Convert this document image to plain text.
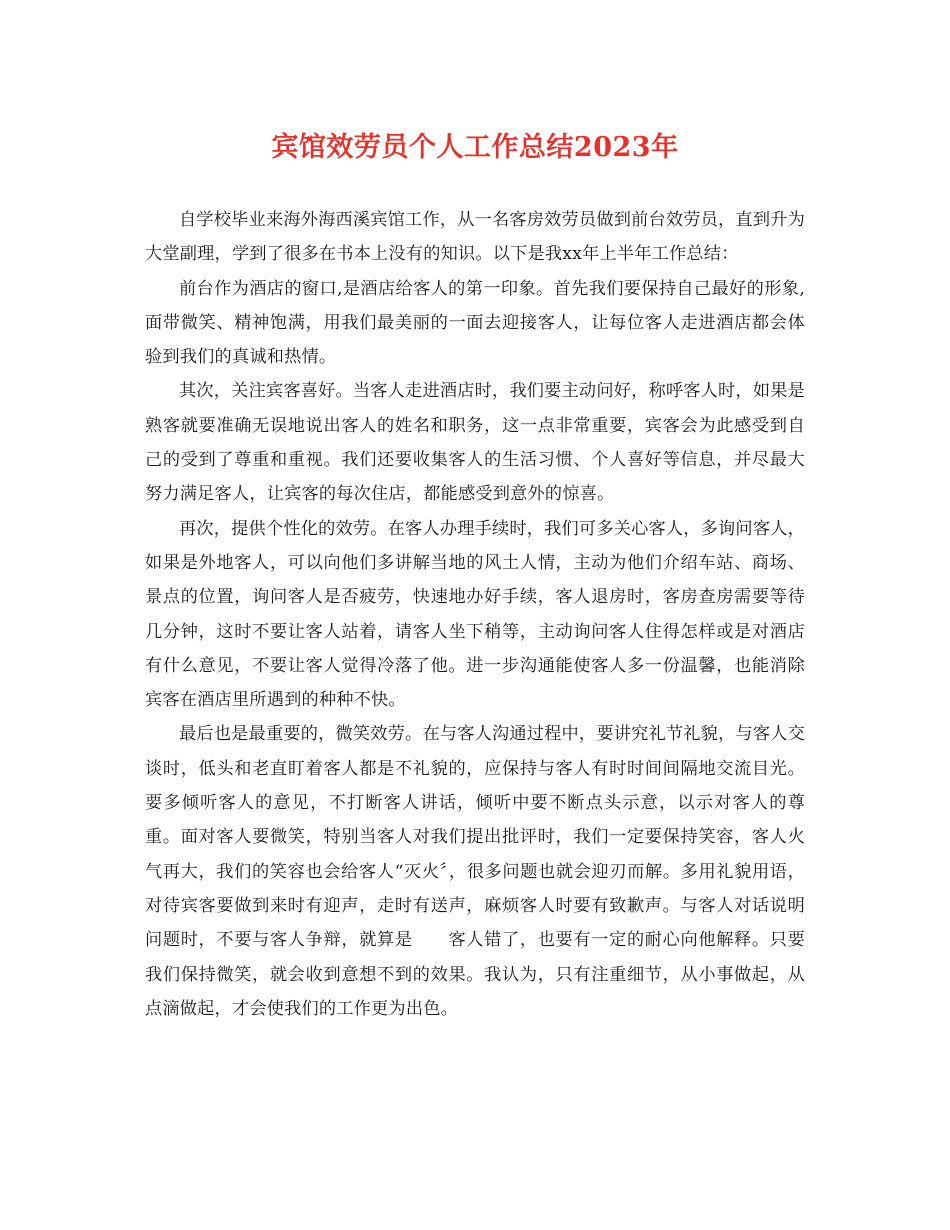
宾馆效劳员个人工作总结2023年

自学校毕业来海外海西溪宾馆工作，从一名客房效劳员做到前台效劳员，直到升为大堂副理，学到了很多在书本上没有的知识。以下是我xx年上半年工作总结：

前台作为酒店的窗口,是酒店给客人的第一印象。首先我们要保持自己最好的形象,面带微笑、精神饱满，用我们最美丽的一面去迎接客人，让每位客人走进酒店都会体验到我们的真诚和热情。

其次，关注宾客喜好。当客人走进酒店时，我们要主动问好，称呼客人时，如果是熟客就要准确无误地说出客人的姓名和职务，这一点非常重要，宾客会为此感受到自己的受到了尊重和重视。我们还要收集客人的生活习惯、个人喜好等信息，并尽最大努力满足客人，让宾客的每次住店，都能感受到意外的惊喜。

再次，提供个性化的效劳。在客人办理手续时，我们可多关心客人，多询问客人，如果是外地客人，可以向他们多讲解当地的风土人情，主动为他们介绍车站、商场、景点的位置，询问客人是否疲劳，快速地办好手续，客人退房时，客房查房需要等待几分钟，这时不要让客人站着，请客人坐下稍等，主动询问客人住得怎样或是对酒店有什么意见，不要让客人觉得冷落了他。进一步沟通能使客人多一份温馨，也能消除宾客在酒店里所遇到的种种不快。

最后也是最重要的，微笑效劳。在与客人沟通过程中，要讲究礼节礼貌，与客人交谈时，低头和老直盯着客人都是不礼貌的，应保持与客人有时时间间隔地交流目光。要多倾听客人的意见，不打断客人讲话，倾听中要不断点头示意，以示对客人的尊重。面对客人要微笑，特别当客人对我们提出批评时，我们一定要保持笑容，客人火气再大，我们的笑容也会给客人“灭火〞，很多问题也就会迎刃而解。多用礼貌用语，对待宾客要做到来时有迎声，走时有送声，麻烦客人时要有致歉声。与客人对话说明问题时，不要与客人争辩，就算是　　客人错了，也要有一定的耐心向他解释。只要我们保持微笑，就会收到意想不到的效果。我认为，只有注重细节，从小事做起，从点滴做起，才会使我们的工作更为出色。
